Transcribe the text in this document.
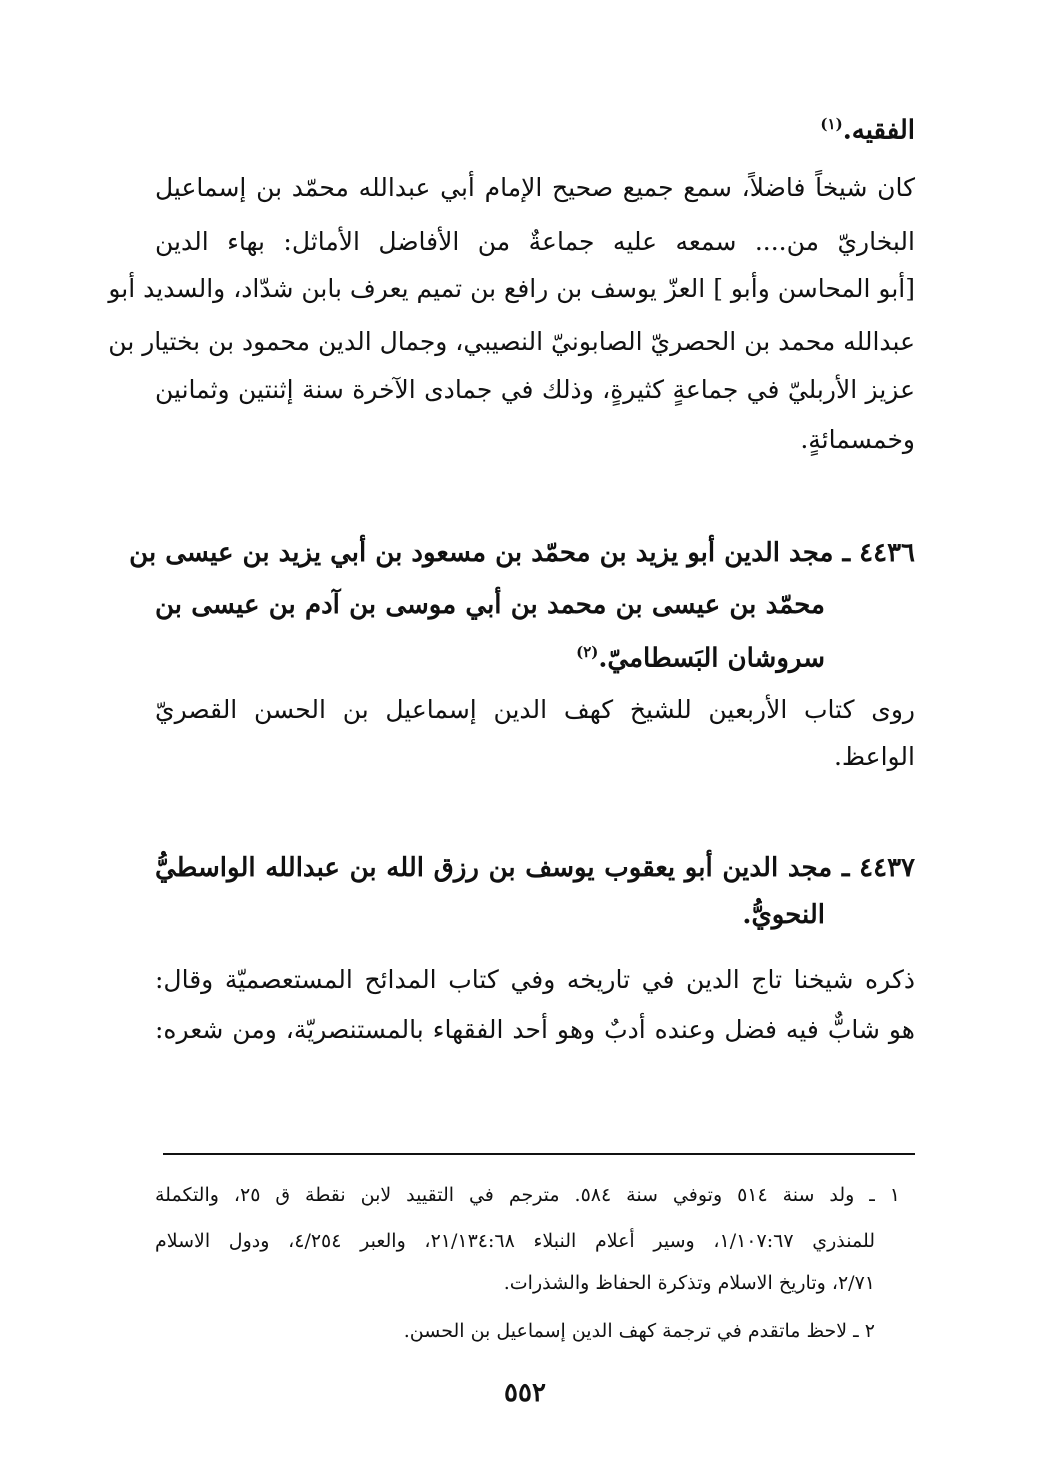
الفقيه.$^{(١)}$
كان شيخاً فاضلاً، سمع جميع صحيح الإمام أبي عبدالله محمّد بن إسماعيل
البخاريّ من.... سمعه عليه جماعةٌ من الأفاضل الأماثل: بهاء الدين
[أبو المحاسن وأبو ] العزّ يوسف بن رافع بن تميم يعرف بابن شدّاد، والسديد أبو
عبدالله محمد بن الحصريّ الصابونيّ النصيبي، وجمال الدين محمود بن بختيار بن
عزيز الأربليّ في جماعةٍ كثيرةٍ، وذلك في جمادى الآخرة سنة إثنتين وثمانين
وخمسمائةٍ.
٤٤٣٦ ـ مجد الدين أبو يزيد بن محمّد بن مسعود بن أبي يزيد بن عيسى بن
محمّد بن عيسى بن محمد بن أبي موسى بن آدم بن عيسى بن
سروشان البَسطاميّ.$^{(٢)}$
روى كتاب الأربعين للشيخ كهف الدين إسماعيل بن الحسن القصريّ
الواعظ.
٤٤٣٧ ـ مجد الدين أبو يعقوب يوسف بن رزق الله بن عبدالله الواسطيُّ
النحويُّ.
ذكره شيخنا تاج الدين في تاريخه وفي كتاب المدائح المستعصميّة وقال:
هو شابٌّ فيه فضل وعنده أدبٌ وهو أحد الفقهاء بالمستنصريّة، ومن شعره:
١ ـ ولد سنة ٥١٤ وتوفي سنة ٥٨٤. مترجم في التقييد لابن نقطة ق ٢٥، والتكملة
للمنذري ١/١٠٧:٦٧، وسير أعلام النبلاء ٢١/١٣٤:٦٨، والعبر ٤/٢٥٤، ودول الاسلام
٢/٧١، وتاريخ الاسلام وتذكرة الحفاظ والشذرات.
٢ ـ لاحظ ماتقدم في ترجمة كهف الدين إسماعيل بن الحسن.
٥٥٢
